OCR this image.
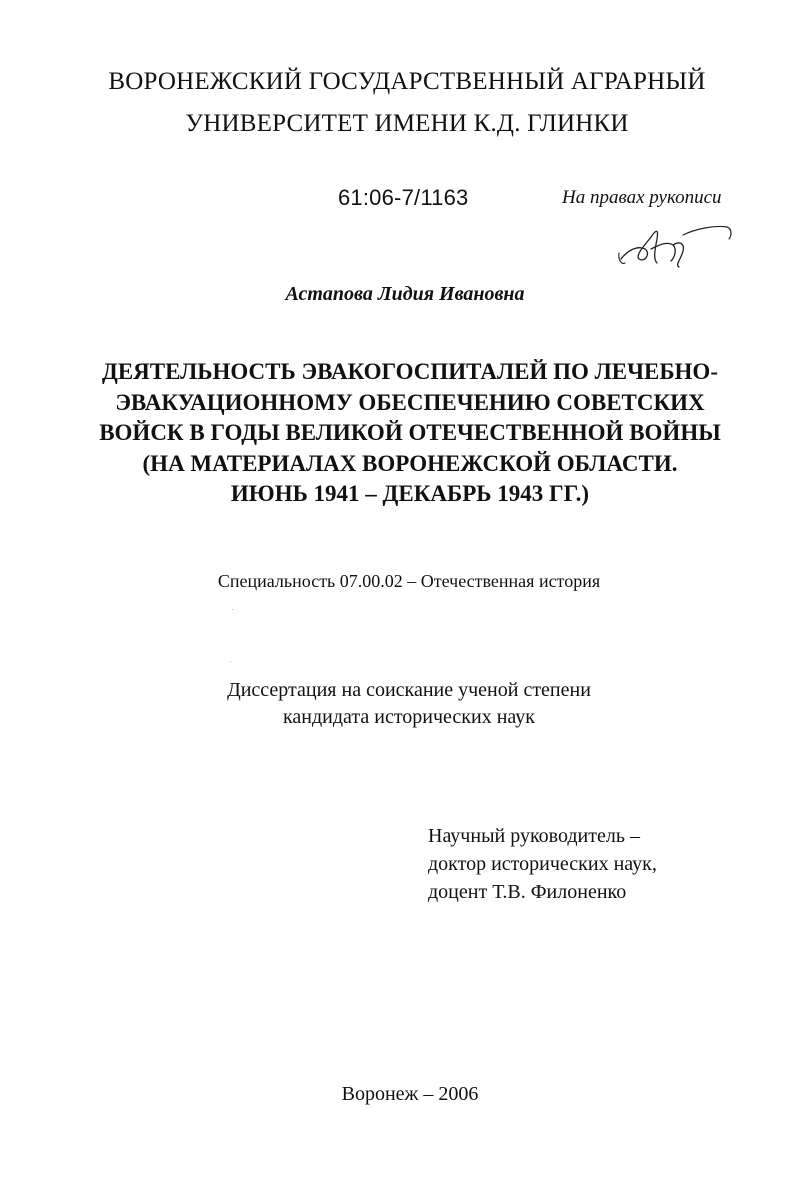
ВОРОНЕЖСКИЙ ГОСУДАРСТВЕННЫЙ АГРАРНЫЙ
УНИВЕРСИТЕТ ИМЕНИ К.Д. ГЛИНКИ
61:06-7/1163	На правах рукописи
Астапова Лидия Ивановна
ДЕЯТЕЛЬНОСТЬ ЭВАКОГОСПИТАЛЕЙ ПО ЛЕЧЕБНО-
ЭВАКУАЦИОННОМУ ОБЕСПЕЧЕНИЮ СОВЕТСКИХ
ВОЙСК В ГОДЫ ВЕЛИКОЙ ОТЕЧЕСТВЕННОЙ ВОЙНЫ
(НА МАТЕРИАЛАХ ВОРОНЕЖСКОЙ ОБЛАСТИ.
ИЮНЬ 1941 – ДЕКАБРЬ 1943 ГГ.)
Специальность 07.00.02 – Отечественная история
Диссертация на соискание ученой степени
кандидата исторических наук
Научный руководитель –
доктор исторических наук,
доцент Т.В. Филоненко
Воронеж – 2006
